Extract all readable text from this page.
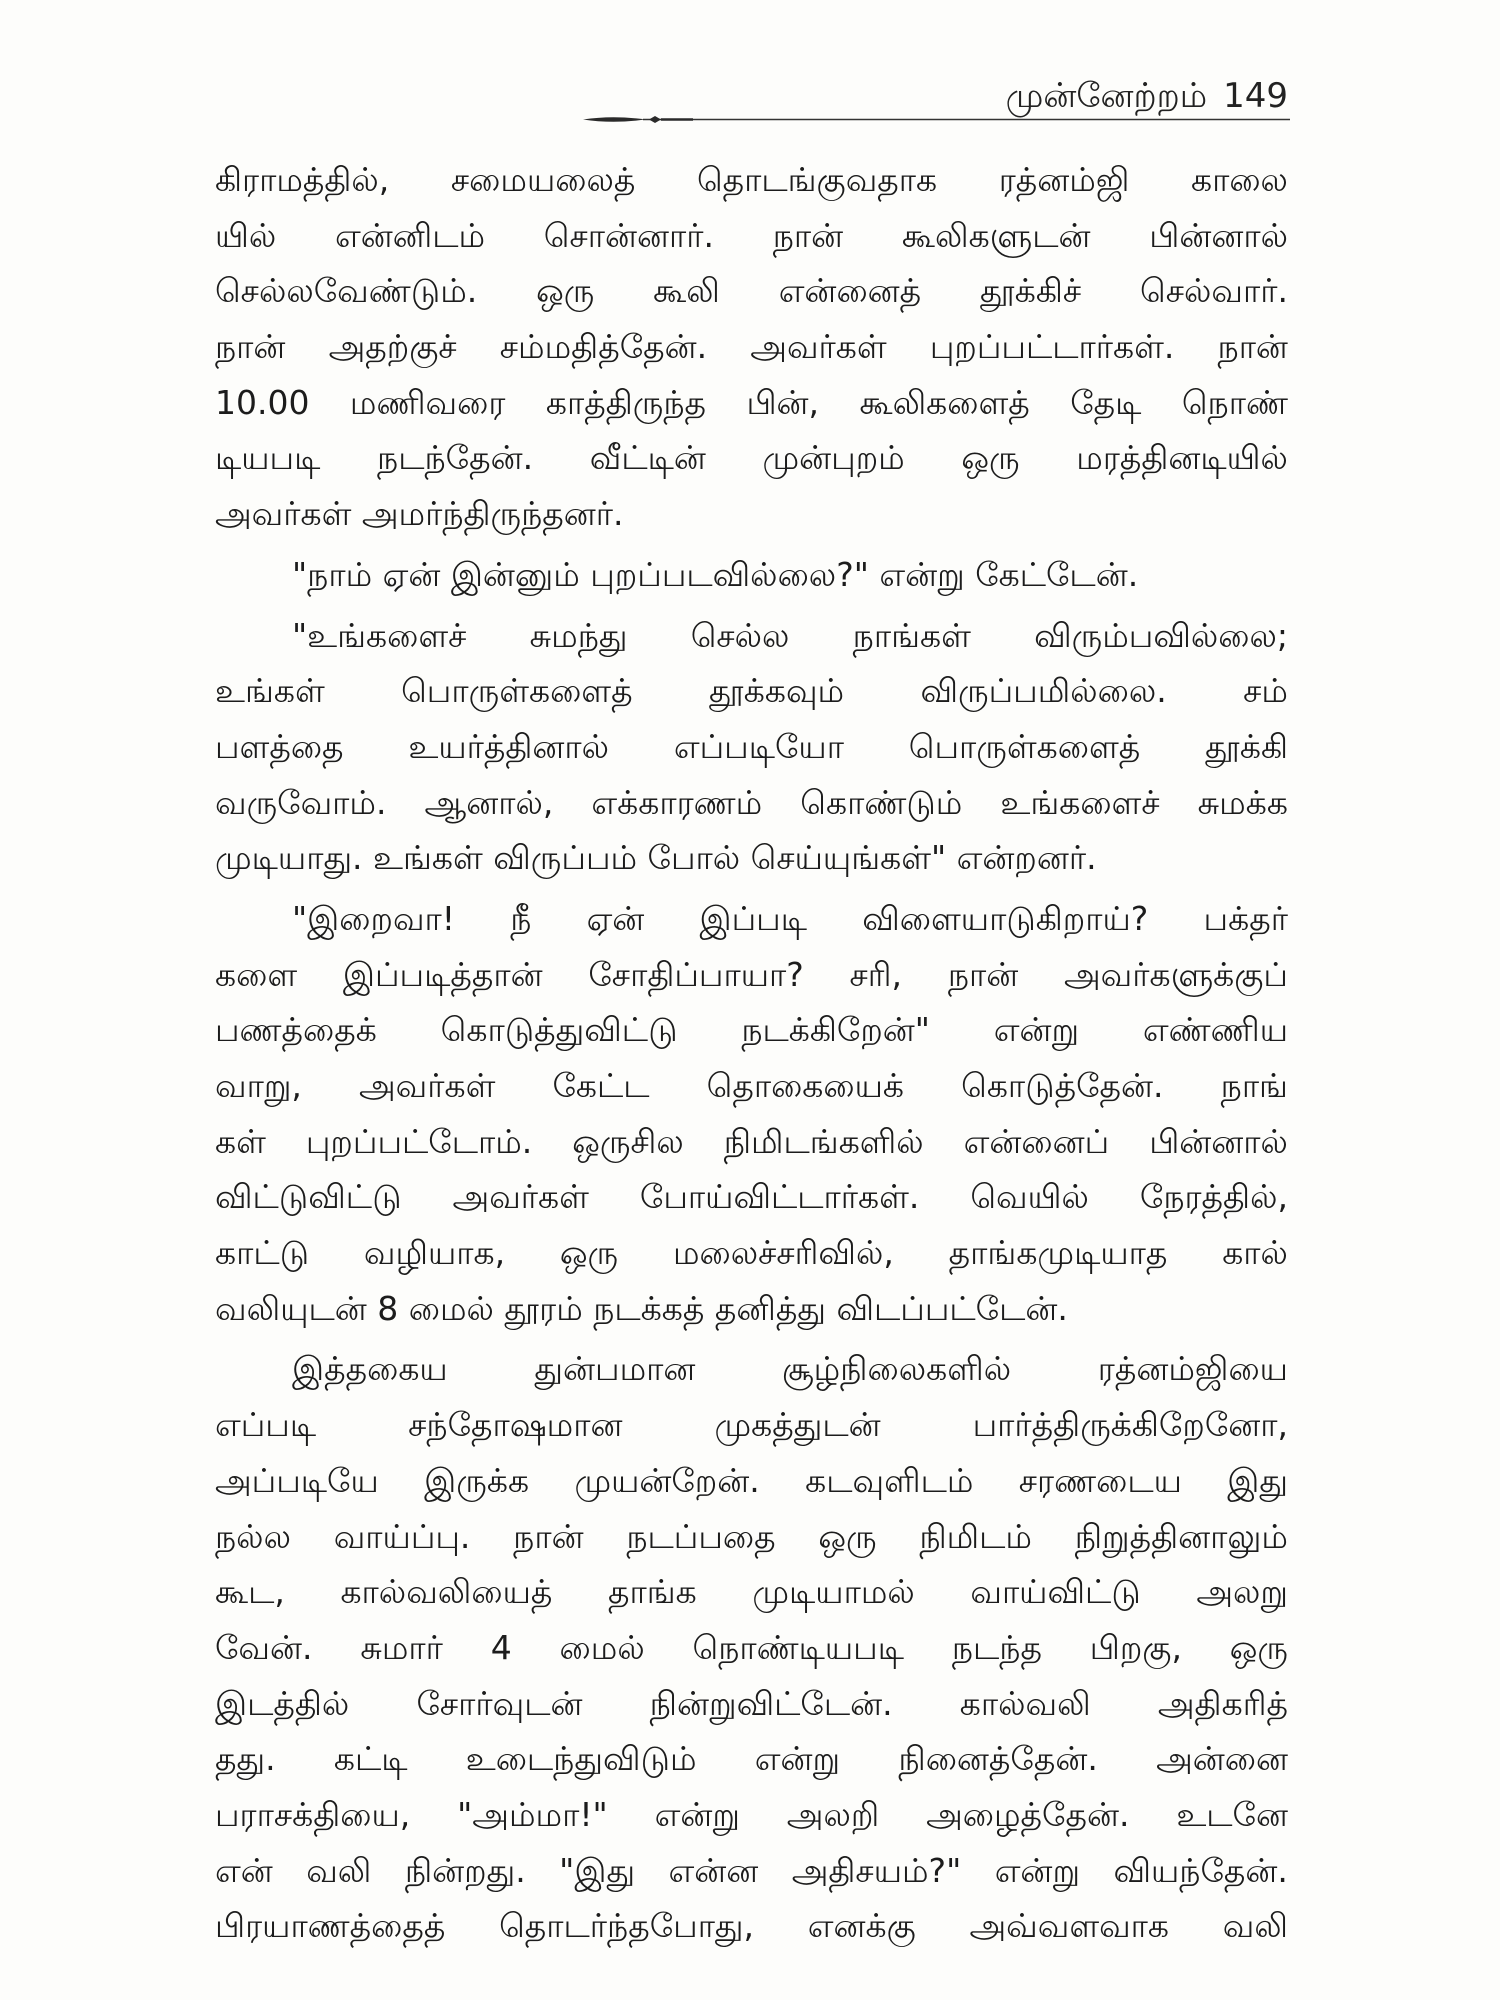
முன்னேற்றம் 149
கிராமத்தில், சமையலைத் தொடங்குவதாக ரத்னம்ஜி காலை
யில் என்னிடம் சொன்னார். நான் கூலிகளுடன் பின்னால்
செல்லவேண்டும். ஒரு கூலி என்னைத் தூக்கிச் செல்வார்.
நான் அதற்குச் சம்மதித்தேன். அவர்கள் புறப்பட்டார்கள். நான்
10.00 மணிவரை காத்திருந்த பின், கூலிகளைத் தேடி நொண்
டியபடி நடந்தேன். வீட்டின் முன்புறம் ஒரு மரத்தினடியில்
அவர்கள் அமர்ந்திருந்தனர்.
"நாம் ஏன் இன்னும் புறப்படவில்லை?" என்று கேட்டேன்.
"உங்களைச் சுமந்து செல்ல நாங்கள் விரும்பவில்லை;
உங்கள் பொருள்களைத் தூக்கவும் விருப்பமில்லை. சம்
பளத்தை உயர்த்தினால் எப்படியோ பொருள்களைத் தூக்கி
வருவோம். ஆனால், எக்காரணம் கொண்டும் உங்களைச் சுமக்க
முடியாது. உங்கள் விருப்பம் போல் செய்யுங்கள்" என்றனர்.
"இறைவா! நீ ஏன் இப்படி விளையாடுகிறாய்? பக்தர்
களை இப்படித்தான் சோதிப்பாயா? சரி, நான் அவர்களுக்குப்
பணத்தைக் கொடுத்துவிட்டு நடக்கிறேன்" என்று எண்ணிய
வாறு, அவர்கள் கேட்ட தொகையைக் கொடுத்தேன். நாங்
கள் புறப்பட்டோம். ஒருசில நிமிடங்களில் என்னைப் பின்னால்
விட்டுவிட்டு அவர்கள் போய்விட்டார்கள். வெயில் நேரத்தில்,
காட்டு வழியாக, ஒரு மலைச்சரிவில், தாங்கமுடியாத கால்
வலியுடன் 8 மைல் தூரம் நடக்கத் தனித்து விடப்பட்டேன்.
இத்தகைய	துன்பமான	சூழ்நிலைகளில்	ரத்னம்ஜியை
எப்படி	சந்தோஷமான	முகத்துடன்	பார்த்திருக்கிறேனோ,
அப்படியே இருக்க முயன்றேன். கடவுளிடம் சரணடைய இது
நல்ல வாய்ப்பு. நான் நடப்பதை ஒரு நிமிடம் நிறுத்தினாலும்
கூட, கால்வலியைத் தாங்க முடியாமல் வாய்விட்டு அலறு
வேன். சுமார் 4 மைல் நொண்டியபடி நடந்த பிறகு, ஒரு
இடத்தில் சோர்வுடன் நின்றுவிட்டேன். கால்வலி அதிகரித்
தது. கட்டி உடைந்துவிடும் என்று நினைத்தேன். அன்னை
பராசக்தியை, "அம்மா!" என்று அலறி அழைத்தேன். உடனே
என் வலி நின்றது. "இது என்ன அதிசயம்?" என்று வியந்தேன்.
பிரயாணத்தைத் தொடர்ந்தபோது, எனக்கு அவ்வளவாக வலி
